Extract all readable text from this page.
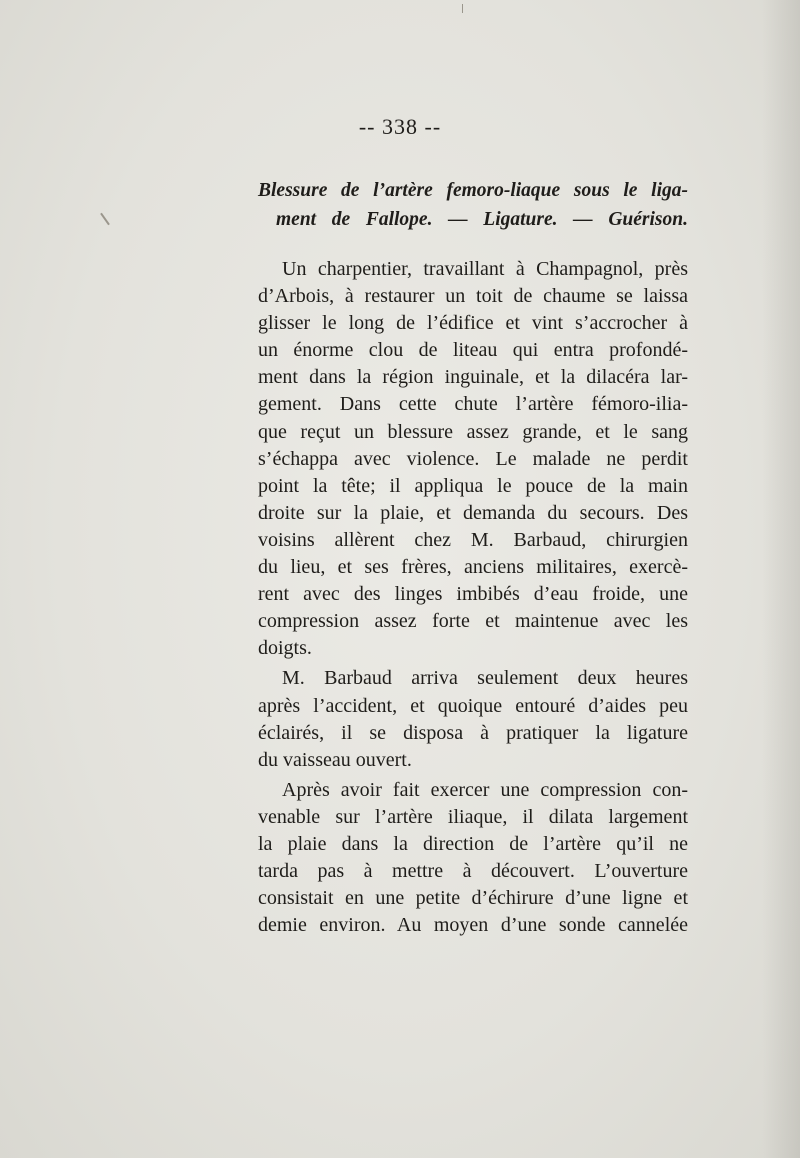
-- 338 --
Blessure de l’artère femoro-liaque sous le liga-
ment de Fallope. — Ligature. — Guérison.
Un charpentier, travaillant à Champagnol, près
d’Arbois, à restaurer un toit de chaume se laissa
glisser le long de l’édifice et vint s’accrocher à
un énorme clou de liteau qui entra profondé-
ment dans la région inguinale, et la dilacéra lar-
gement. Dans cette chute l’artère fémoro-ilia-
que reçut un blessure assez grande, et le sang
s’échappa avec violence. Le malade ne perdit
point la tête; il appliqua le pouce de la main
droite sur la plaie, et demanda du secours. Des
voisins allèrent chez M. Barbaud, chirurgien
du lieu, et ses frères, anciens militaires, exercè-
rent avec des linges imbibés d’eau froide, une
compression assez forte et maintenue avec les
doigts.
M. Barbaud arriva seulement deux heures
après l’accident, et quoique entouré d’aides peu
éclairés, il se disposa à pratiquer la ligature
du vaisseau ouvert.
Après avoir fait exercer une compression con-
venable sur l’artère iliaque, il dilata largement
la plaie dans la direction de l’artère qu’il ne
tarda pas à mettre à découvert. L’ouverture
consistait en une petite d’échirure d’une ligne et
demie environ. Au moyen d’une sonde cannelée
